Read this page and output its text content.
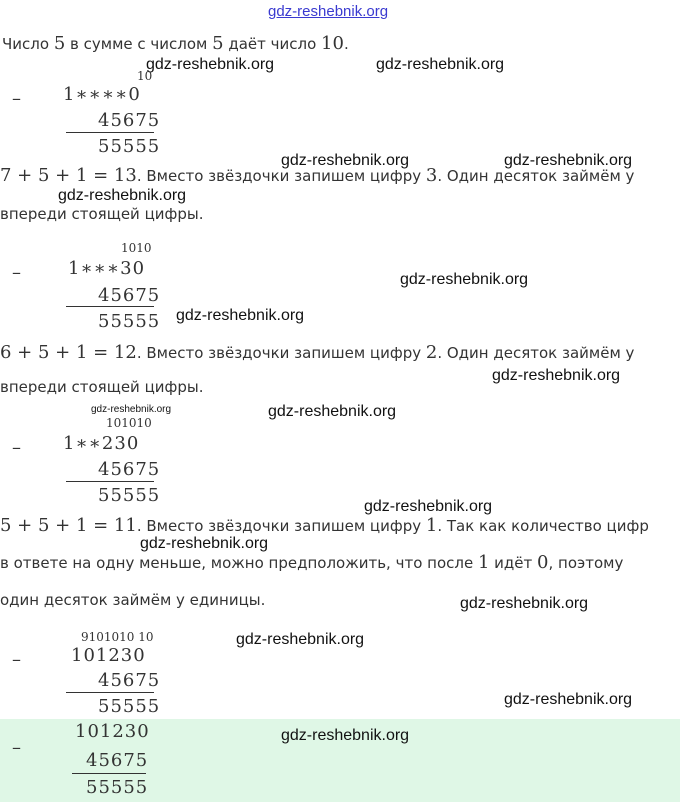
gdz-reshebnik.org
Число 5 в сумме с числом 5 даёт число 10.
gdz-reshebnik.org	gdz-reshebnik.org
–
10
1∗∗∗∗0
45675
55555
gdz-reshebnik.org	gdz-reshebnik.org
7 + 5 + 1 = 13. Вместо звёздочки запишем цифру 3. Один десяток займём у
gdz-reshebnik.org
впереди стоящей цифры.
–
1010
1∗∗∗30
45675
55555
gdz-reshebnik.org
gdz-reshebnik.org
6 + 5 + 1 = 12. Вместо звёздочки запишем цифру 2. Один десяток займём у
gdz-reshebnik.org
впереди стоящей цифры.
gdz-reshebnik.org	gdz-reshebnik.org
–
101010
1∗∗230
45675
55555
gdz-reshebnik.org
5 + 5 + 1 = 11. Вместо звёздочки запишем цифру 1. Так как количество цифр
gdz-reshebnik.org
в ответе на одну меньше, можно предположить, что после 1 идёт 0, поэтому
один десяток займём у единицы.	gdz-reshebnik.org
–
9101010 10
101230
45675
55555
gdz-reshebnik.org
gdz-reshebnik.org
–
101230
45675
55555
gdz-reshebnik.org
